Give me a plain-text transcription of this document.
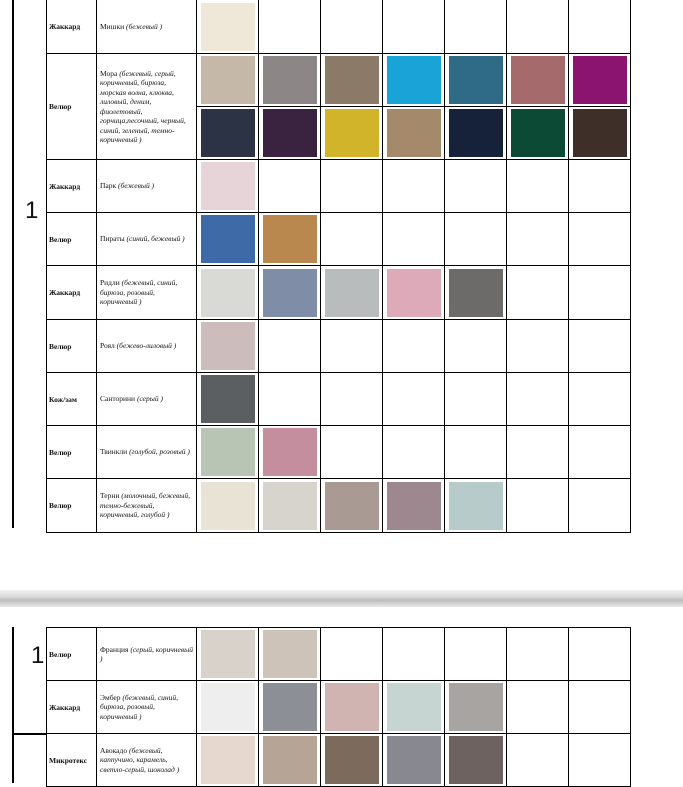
1
Жаккард	Мишки (бежевый )	

Велюр	Мора (бежевый, серый, коричневый, бирюза, морская волна, клюква, лиловый, деним, фиолетовый, горчица,песочный, черный, синий, зеленый, темно-коричневый )	

Жаккард	Парк (бежевый )	

Велюр	Пираты (синий, бежевый )	

Жаккард	Ридли (бежевый, синий, бирюза, розовый, коричневый )	

Велюр	Роял (бежево-лиловый )	

Кож/зам	Санторини (серый )	

Велюр	Твинкли (голубой, розовый )	

Велюр	Терни (молочный, бежевый, темно-бежевый, коричневый, голубой )	

1 Велюр	Франция (серый, коричневый )	

Жаккард	Эмбер (бежевый, синий, бирюза, розовый, коричневый )	

Микротекс	Авокадо (бежевый, каппучино, карамель, светло-серый, шоколад )	
